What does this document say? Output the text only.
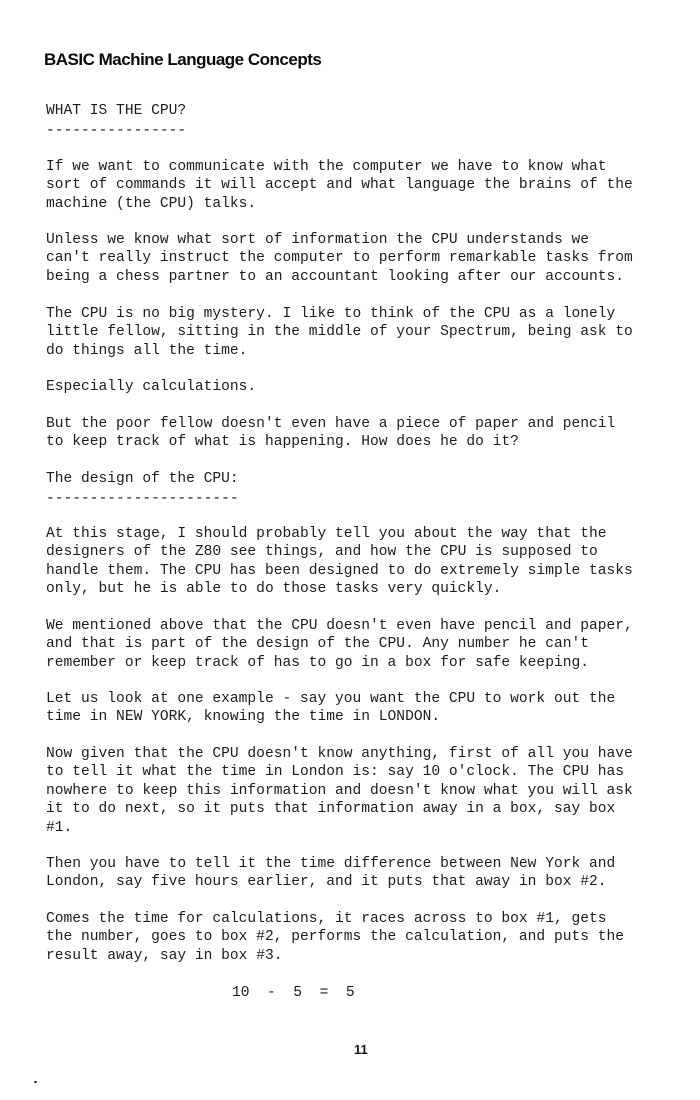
BASIC Machine Language Concepts
WHAT IS THE CPU?
----------------
If we want to communicate with the computer we have to know what
sort of commands it will accept and what language the brains of the
machine (the CPU) talks.
Unless we know what sort of information the CPU understands we
can't really instruct the computer to perform remarkable tasks from
being a chess partner to an accountant looking after our accounts.
The CPU is no big mystery. I like to think of the CPU as a lonely
little fellow, sitting in the middle of your Spectrum, being ask to
do things all the time.
Especially calculations.
But the poor fellow doesn't even have a piece of paper and pencil
to keep track of what is happening. How does he do it?
The design of the CPU:
----------------------
At this stage, I should probably tell you about the way that the
designers of the Z80 see things, and how the CPU is supposed to
handle them. The CPU has been designed to do extremely simple tasks
only, but he is able to do those tasks very quickly.
We mentioned above that the CPU doesn't even have pencil and paper,
and that is part of the design of the CPU. Any number he can't
remember or keep track of has to go in a box for safe keeping.
Let us look at one example - say you want the CPU to work out the
time in NEW YORK, knowing the time in LONDON.
Now given that the CPU doesn't know anything, first of all you have
to tell it what the time in London is: say 10 o'clock. The CPU has
nowhere to keep this information and doesn't know what you will ask
it to do next, so it puts that information away in a box, say box
#1.
Then you have to tell it the time difference between New York and
London, say five hours earlier, and it puts that away in box #2.
Comes the time for calculations, it races across to box #1, gets
the number, goes to box #2, performs the calculation, and puts the
result away, say in box #3.
10  -  5  =  5
11
